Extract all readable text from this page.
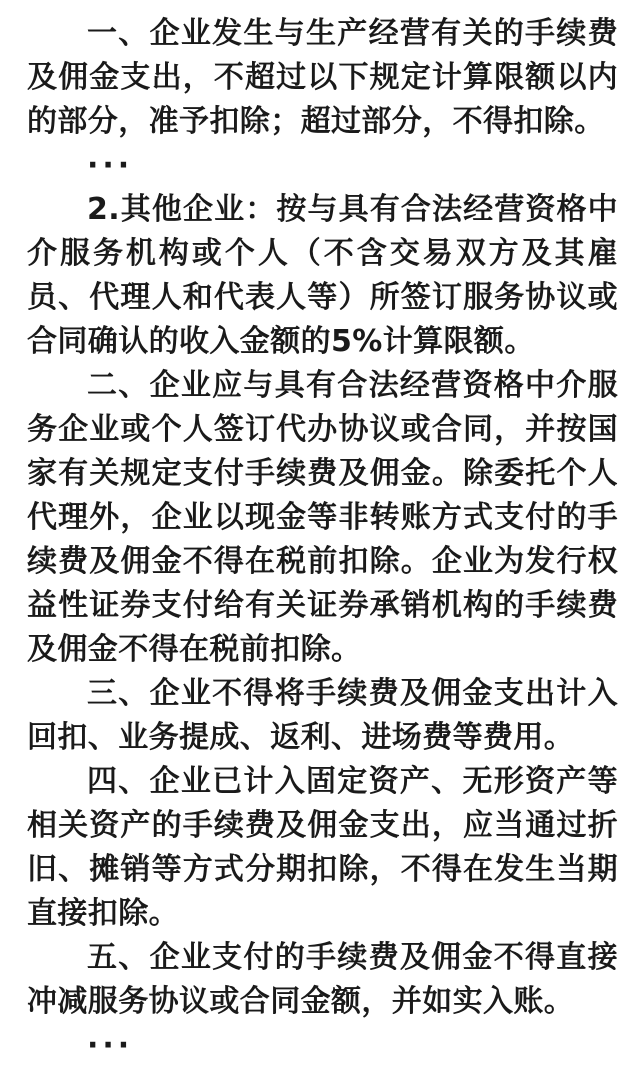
一、企业发生与生产经营有关的手续费及佣金支出，不超过以下规定计算限额以内的部分，准予扣除；超过部分，不得扣除。

···

2.其他企业：按与具有合法经营资格中介服务机构或个人（不含交易双方及其雇员、代理人和代表人等）所签订服务协议或合同确认的收入金额的5%计算限额。

二、企业应与具有合法经营资格中介服务企业或个人签订代办协议或合同，并按国家有关规定支付手续费及佣金。除委托个人代理外，企业以现金等非转账方式支付的手续费及佣金不得在税前扣除。企业为发行权益性证券支付给有关证券承销机构的手续费及佣金不得在税前扣除。

三、企业不得将手续费及佣金支出计入回扣、业务提成、返利、进场费等费用。

四、企业已计入固定资产、无形资产等相关资产的手续费及佣金支出，应当通过折旧、摊销等方式分期扣除，不得在发生当期直接扣除。

五、企业支付的手续费及佣金不得直接冲减服务协议或合同金额，并如实入账。

···
